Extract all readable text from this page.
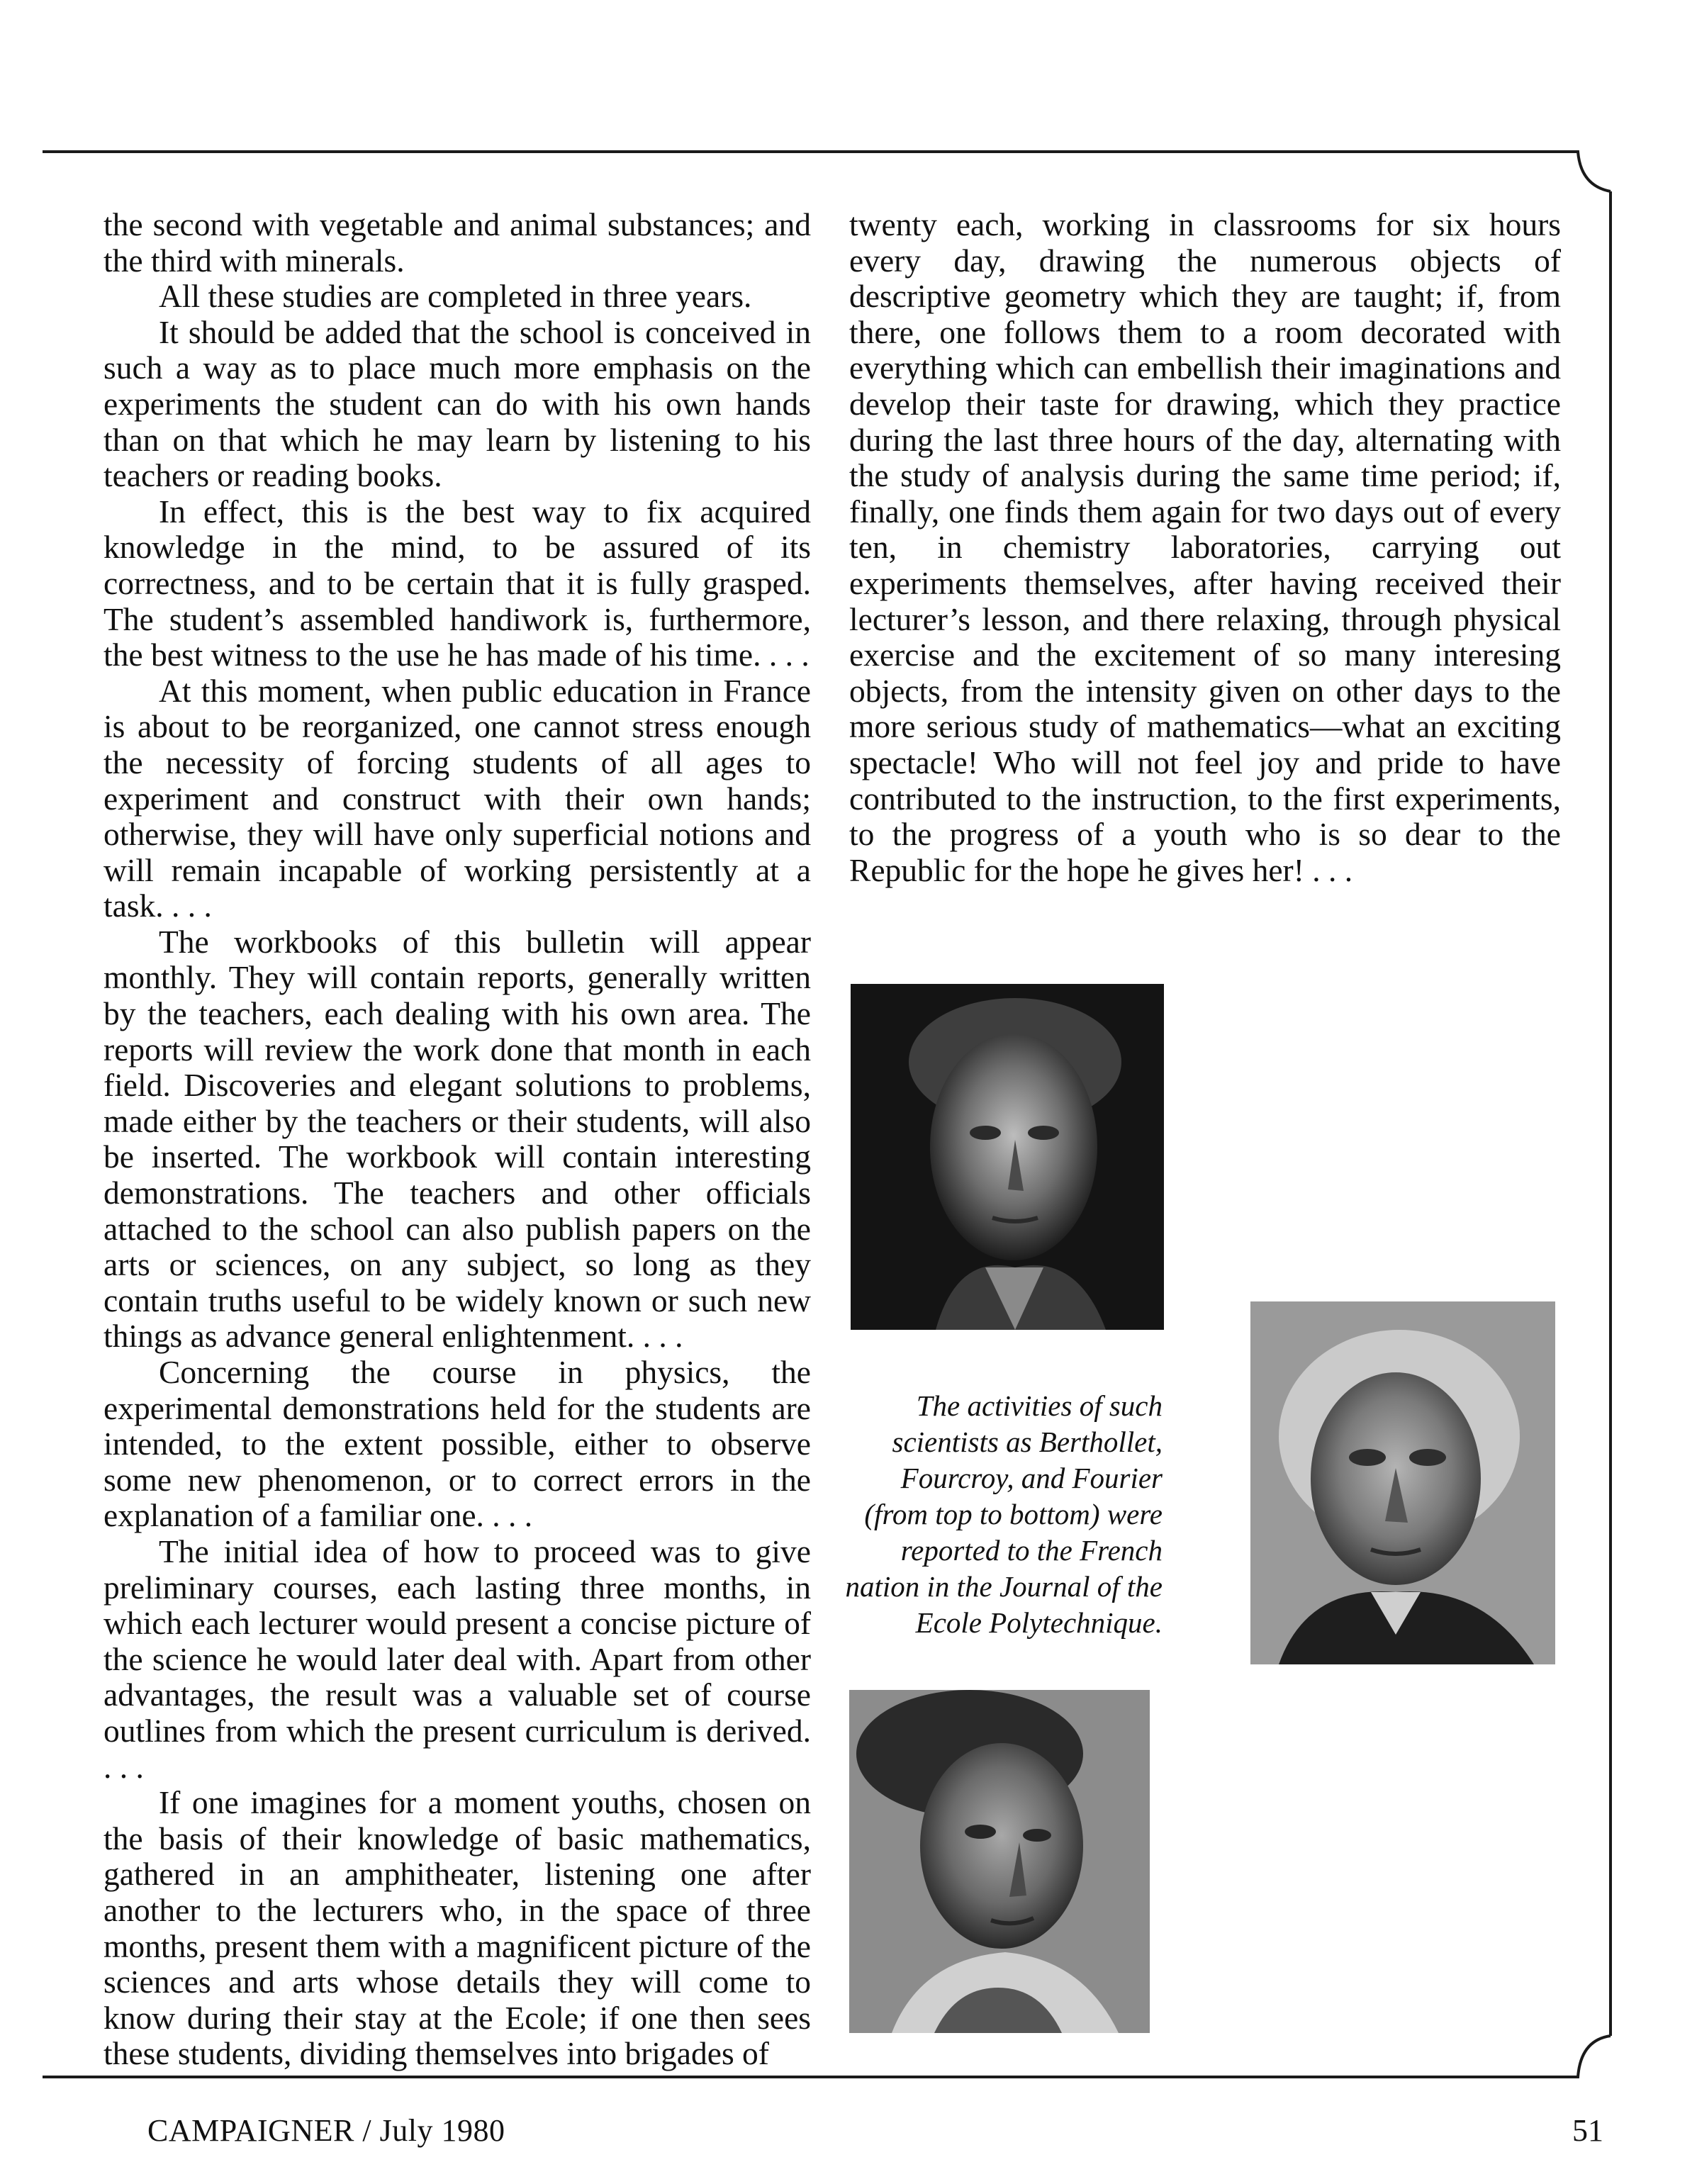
the second with vegetable and animal substances; and the third with minerals.

All these studies are completed in three years.

It should be added that the school is conceived in such a way as to place much more emphasis on the experiments the student can do with his own hands than on that which he may learn by listening to his teachers or reading books.

In effect, this is the best way to fix acquired knowledge in the mind, to be assured of its correctness, and to be certain that it is fully grasped. The student’s assembled handiwork is, furthermore, the best witness to the use he has made of his time. . . .

At this moment, when public education in France is about to be reorganized, one cannot stress enough the necessity of forcing students of all ages to experiment and construct with their own hands; otherwise, they will have only superficial notions and will remain incapable of working persistently at a task. . . .

The workbooks of this bulletin will appear monthly. They will contain reports, generally written by the teachers, each dealing with his own area. The reports will review the work done that month in each field. Discoveries and elegant solutions to problems, made either by the teachers or their students, will also be inserted. The workbook will contain interesting demonstrations. The teachers and other officials attached to the school can also publish papers on the arts or sciences, on any subject, so long as they contain truths useful to be widely known or such new things as advance general enlightenment. . . .

Concerning the course in physics, the experimental demonstrations held for the students are intended, to the extent possible, either to observe some new phenomenon, or to correct errors in the explanation of a familiar one. . . .

The initial idea of how to proceed was to give preliminary courses, each lasting three months, in which each lecturer would present a concise picture of the science he would later deal with. Apart from other advantages, the result was a valuable set of course outlines from which the present curriculum is derived. . . .

If one imagines for a moment youths, chosen on the basis of their knowledge of basic mathematics, gathered in an amphitheater, listening one after another to the lecturers who, in the space of three months, present them with a magnificent picture of the sciences and arts whose details they will come to know during their stay at the Ecole; if one then sees these students, dividing themselves into brigades of

twenty each, working in classrooms for six hours every day, drawing the numerous objects of descriptive geometry which they are taught; if, from there, one follows them to a room decorated with everything which can embellish their imaginations and develop their taste for drawing, which they practice during the last three hours of the day, alternating with the study of analysis during the same time period; if, finally, one finds them again for two days out of every ten, in chemistry laboratories, carrying out experiments themselves, after having received their lecturer’s lesson, and there relaxing, through physical exercise and the excitement of so many interesing objects, from the intensity given on other days to the more serious study of mathematics—what an exciting spectacle! Who will not feel joy and pride to have contributed to the instruction, to the first experiments, to the progress of a youth who is so dear to the Republic for the hope he gives her! . . .

The activities of such scientists as Berthollet, Fourcroy, and Fourier (from top to bottom) were reported to the French nation in the Journal of the Ecole Polytechnique.
CAMPAIGNER / July 1980	51
